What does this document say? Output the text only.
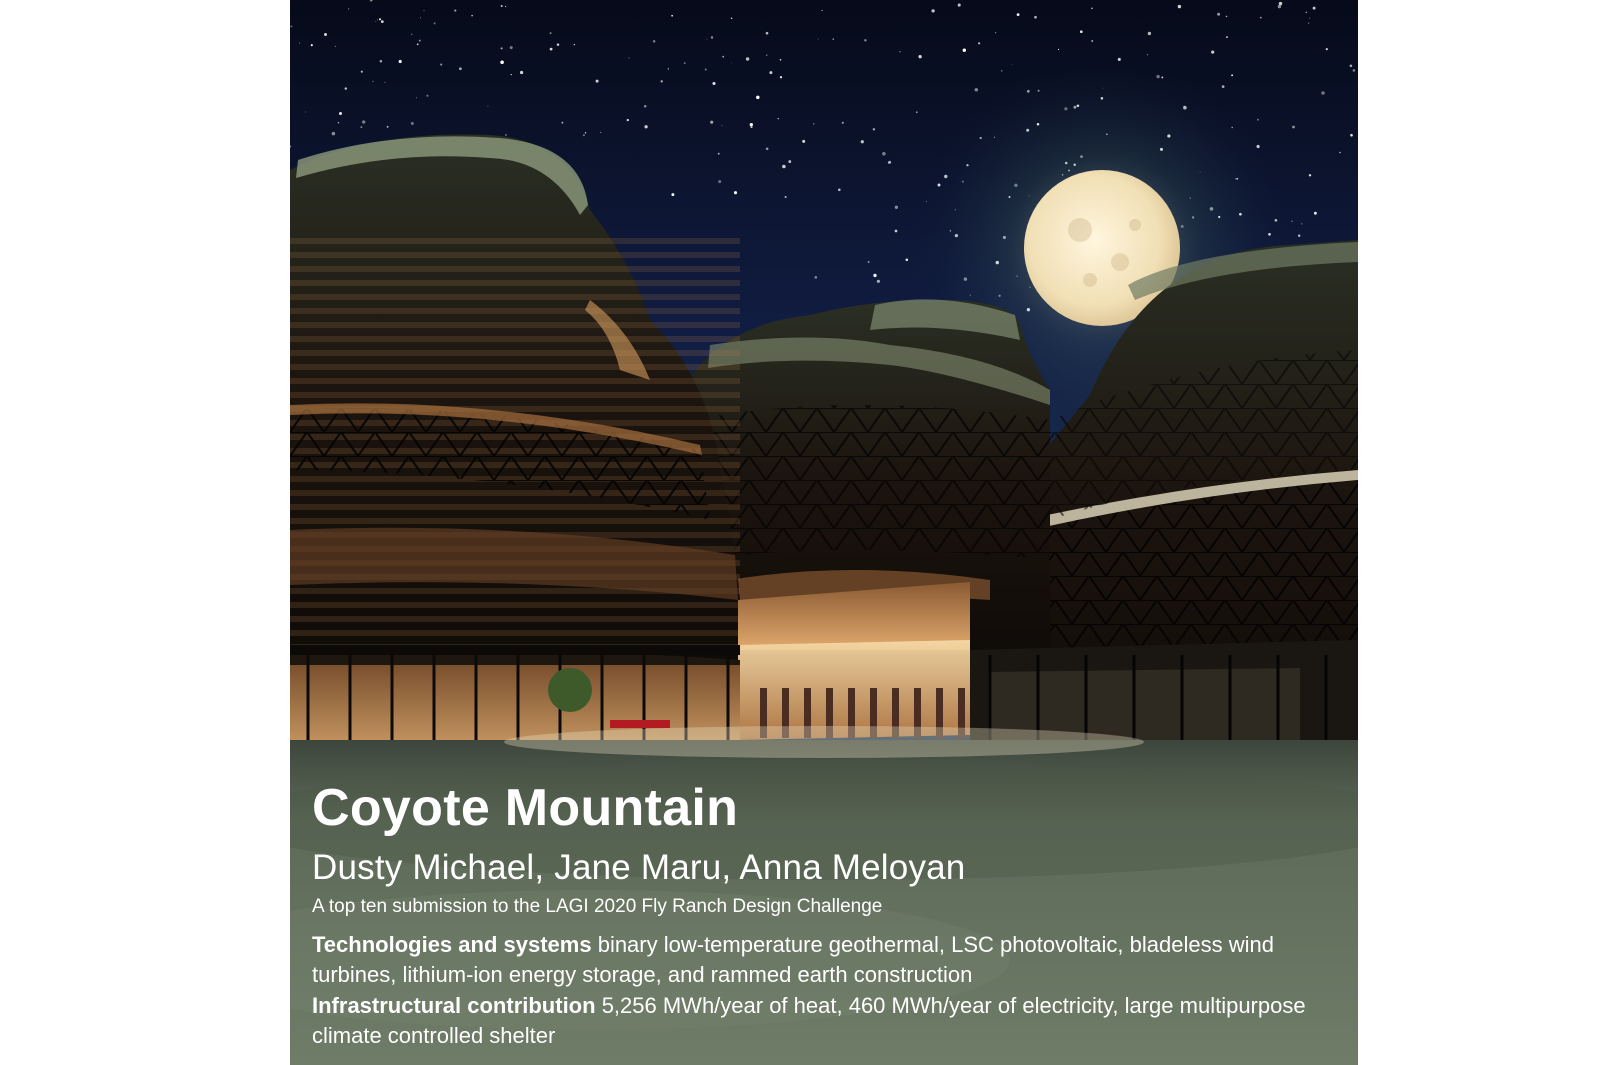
Coyote Mountain
Dusty Michael, Jane Maru, Anna Meloyan
A top ten submission to the LAGI 2020 Fly Ranch Design Challenge
Technologies and systems binary low-temperature geothermal, LSC photovoltaic, bladeless wind turbines, lithium-ion energy storage, and rammed earth construction
Infrastructural contribution 5,256 MWh/year of heat, 460 MWh/year of electricity, large multipurpose climate controlled shelter
